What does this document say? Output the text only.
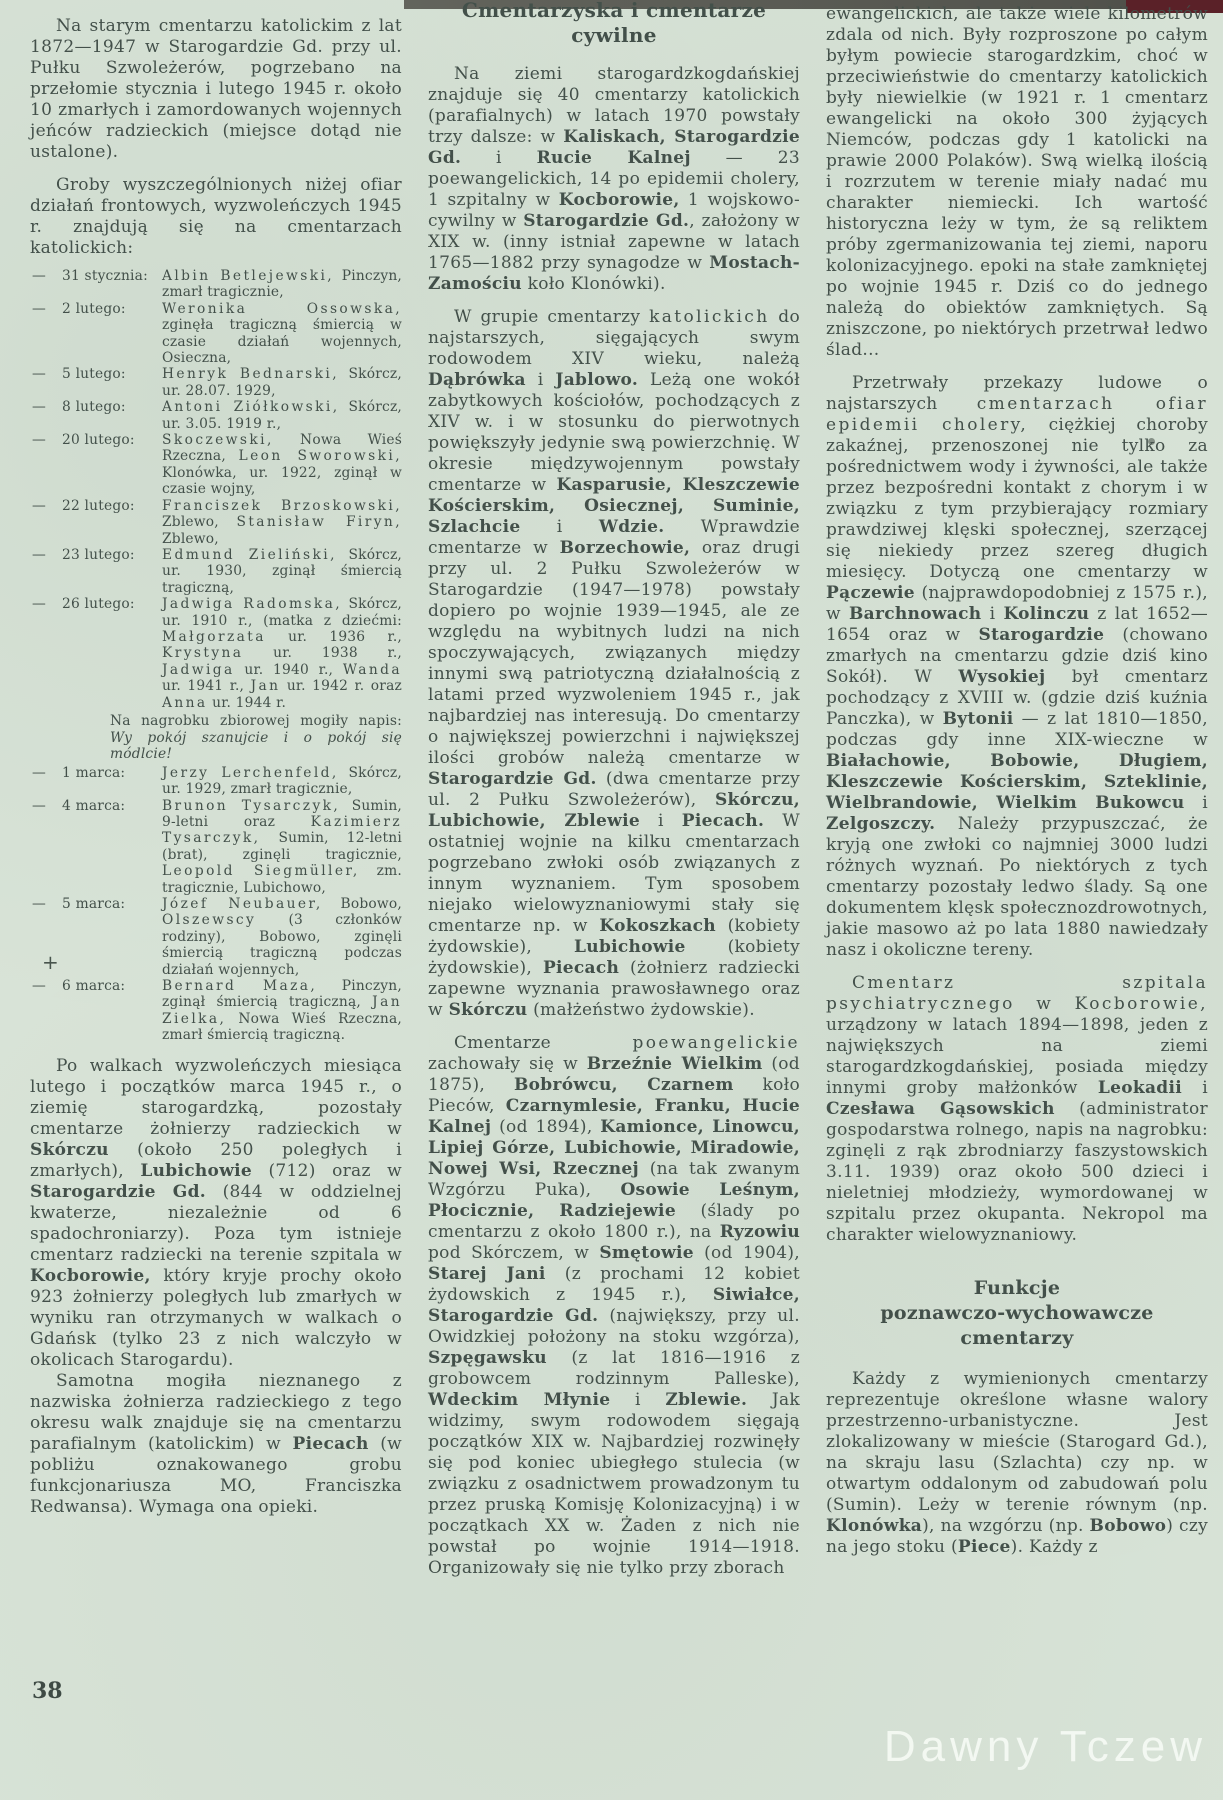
+

Na starym cmentarzu katolickim z lat 1872—1947 w Starogardzie Gd. przy ul. Pułku Szwoleżerów, pogrzebano na przełomie stycznia i lutego 1945 r. około 10 zmarłych i zamordowanych wojennych jeńców radzieckich (miejsce dotąd nie ustalone).

Groby wyszczególnionych niżej ofiar działań frontowych, wyzwoleńczych 1945 r. znajdują się na cmentarzach katolickich:

—	31 stycznia:	Albin Betlejewski, Pinczyn, zmarł tragicznie,
—	2 lutego:	Weronika Ossowska, zginęła tragiczną śmiercią w czasie działań wojennych, Osieczna,
—	5 lutego:	Henryk Bednarski, Skórcz, ur. 28.07. 1929,
—	8 lutego:	Antoni Ziółkowski, Skórcz, ur. 3.05. 1919 r.,
—	20 lutego:	Skoczewski, Nowa Wieś Rzeczna, Leon Sworowski, Klonówka, ur. 1922, zginął w czasie wojny,
—	22 lutego:	Franciszek Brzoskowski, Zblewo, Stanisław Firyn, Zblewo,
—	23 lutego:	Edmund Zieliński, Skórcz, ur. 1930, zginął śmiercią tragiczną,
—	26 lutego:	Jadwiga Radomska, Skórcz, ur. 1910 r., (matka z dziećmi: Małgorzata ur. 1936 r., Krystyna ur. 1938 r., Jadwiga ur. 1940 r., Wanda ur. 1941 r., Jan ur. 1942 r. oraz Anna ur. 1944 r.
Na nagrobku zbiorowej mogiły napis: Wy pokój szanujcie i o pokój się módlcie!
—	1 marca:	Jerzy Lerchenfeld, Skórcz, ur. 1929, zmarł tragicznie,
—	4 marca:	Brunon Tysarczyk, Sumin, 9-letni oraz Kazimierz Tysarczyk, Sumin, 12-letni (brat), zginęli tragicznie, Leopold Siegmüller, zm. tragicznie, Lubichowo,
—	5 marca:	Józef Neubauer, Bobowo, Olszewscy (3 członków rodziny), Bobowo, zginęli śmiercią tragiczną podczas działań wojennych,
—	6 marca:	Bernard Maza, Pinczyn, zginął śmiercią tragiczną, Jan Zielka, Nowa Wieś Rzeczna, zmarł śmiercią tragiczną.

Po walkach wyzwoleńczych miesiąca lutego i początków marca 1945 r., o ziemię starogardzką, pozostały cmentarze żołnierzy radzieckich w Skórczu (około 250 poległych i zmarłych), Lubichowie (712) oraz w Starogardzie Gd. (844 w oddzielnej kwaterze, niezależnie od 6 spadochroniarzy). Poza tym istnieje cmentarz radziecki na terenie szpitala w Kocborowie, który kryje prochy około 923 żołnierzy poległych lub zmarłych w wyniku ran otrzymanych w walkach o Gdańsk (tylko 23 z nich walczyło w okolicach Starogardu).

Samotna mogiła nieznanego z nazwiska żołnierza radzieckiego z tego okresu walk znajduje się na cmentarzu parafialnym (katolickim) w Piecach (w pobliżu oznakowanego grobu funkcjonariusza MO, Franciszka Redwansa). Wymaga ona opieki.

Cmentarzyska i cmentarze
cywilne

Na ziemi starogardzkogdańskiej znajduje się 40 cmentarzy katolickich (parafialnych) w latach 1970 powstały trzy dalsze: w Kaliskach, Starogardzie Gd. i Rucie Kalnej — 23 poewangelickich, 14 po epidemii cholery, 1 szpitalny w Kocborowie, 1 wojskowo-cywilny w Starogardzie Gd., założony w XIX w. (inny istniał zapewne w latach 1765—1882 przy synagodze w Mostach-Zamościu koło Klonówki).

W grupie cmentarzy katolickich do najstarszych, sięgających swym rodowodem XIV wieku, należą Dąbrówka i Jablowo. Leżą one wokół zabytkowych kościołów, pochodzących z XIV w. i w stosunku do pierwotnych powiększyły jedynie swą powierzchnię. W okresie międzywojennym powstały cmentarze w Kasparusie, Kleszczewie Kościerskim, Osiecznej, Suminie, Szlachcie i Wdzie. Wprawdzie cmentarze w Borzechowie, oraz drugi przy ul. 2 Pułku Szwoleżerów w Starogardzie (1947—1978) powstały dopiero po wojnie 1939—1945, ale ze względu na wybitnych ludzi na nich spoczywających, związanych między innymi swą patriotyczną działalnością z latami przed wyzwoleniem 1945 r., jak najbardziej nas interesują. Do cmentarzy o największej powierzchni i największej ilości grobów należą cmentarze w Starogardzie Gd. (dwa cmentarze przy ul. 2 Pułku Szwoleżerów), Skórczu, Lubichowie, Zblewie i Piecach. W ostatniej wojnie na kilku cmentarzach pogrzebano zwłoki osób związanych z innym wyznaniem. Tym sposobem niejako wielowyznaniowymi stały się cmentarze np. w Kokoszkach (kobiety żydowskie), Lubichowie (kobiety żydowskie), Piecach (żołnierz radziecki zapewne wyznania prawosławnego oraz w Skórczu (małżeństwo żydowskie).

Cmentarze poewangelickie zachowały się w Brzeźnie Wielkim (od 1875), Bobrówcu, Czarnem koło Pieców, Czarnymlesie, Franku, Hucie Kalnej (od 1894), Kamionce, Linowcu, Lipiej Górze, Lubichowie, Miradowie, Nowej Wsi, Rzecznej (na tak zwanym Wzgórzu Puka), Osowie Leśnym, Płocicznie, Radziejewie (ślady po cmentarzu z około 1800 r.), na Ryzowiu pod Skórczem, w Smętowie (od 1904), Starej Jani (z prochami 12 kobiet żydowskich z 1945 r.), Siwiałce, Starogardzie Gd. (największy, przy ul. Owidzkiej położony na stoku wzgórza), Szpęgawsku (z lat 1816—1916 z grobowcem rodzinnym Palleske), Wdeckim Młynie i Zblewie. Jak widzimy, swym rodowodem sięgają początków XIX w. Najbardziej rozwinęły się pod koniec ubiegłego stulecia (w związku z osadnictwem prowadzonym tu przez pruską Komisję Kolonizacyjną) i w początkach XX w. Żaden z nich nie powstał po wojnie 1914—1918. Organizowały się nie tylko przy zborach

ewangelickich, ale także wiele kilometrów zdala od nich. Były rozproszone po całym byłym powiecie starogardzkim, choć w przeciwieństwie do cmentarzy katolickich były niewielkie (w 1921 r. 1 cmentarz ewangelicki na około 300 żyjących Niemców, podczas gdy 1 katolicki na prawie 2000 Polaków). Swą wielką ilością i rozrzutem w terenie miały nadać mu charakter niemiecki. Ich wartość historyczna leży w tym, że są reliktem próby zgermanizowania tej ziemi, naporu kolonizacyjnego. epoki na stałe zamkniętej po wojnie 1945 r. Dziś co do jednego należą do obiektów zamkniętych. Są zniszczone, po niektórych przetrwał ledwo ślad...

Przetrwały przekazy ludowe o najstarszych cmentarzach ofiar epidemii cholery, ciężkiej choroby zakaźnej, przenoszonej nie tylko za pośrednictwem wody i żywności, ale także przez bezpośredni kontakt z chorym i w związku z tym przybierający rozmiary prawdziwej klęski społecznej, szerzącej się niekiedy przez szereg długich miesięcy. Dotyczą one cmentarzy w Pączewie (najprawdopodobniej z 1575 r.), w Barchnowach i Kolinczu z lat 1652—1654 oraz w Starogardzie (chowano zmarłych na cmentarzu gdzie dziś kino Sokół). W Wysokiej był cmentarz pochodzący z XVIII w. (gdzie dziś kuźnia Panczka), w Bytonii — z lat 1810—1850, podczas gdy inne XIX-wieczne w Białachowie, Bobowie, Długiem, Kleszczewie Kościerskim, Szteklinie, Wielbrandowie, Wielkim Bukowcu i Zelgoszczy. Należy przypuszczać, że kryją one zwłoki co najmniej 3000 ludzi różnych wyznań. Po niektórych z tych cmentarzy pozostały ledwo ślady. Są one dokumentem klęsk społecznozdrowotnych, jakie masowo aż po lata 1880 nawiedzały nasz i okoliczne tereny.

Cmentarz szpitala psychiatrycznego w Kocborowie, urządzony w latach 1894—1898, jeden z największych na ziemi starogardzkogdańskiej, posiada między innymi groby małżonków Leokadii i Czesława Gąsowskich (administrator gospodarstwa rolnego, napis na nagrobku: zginęli z rąk zbrodniarzy faszystowskich 3.11. 1939) oraz około 500 dzieci i nieletniej młodzieży, wymordowanej w szpitalu przez okupanta. Nekropol ma charakter wielowyznaniowy.

Funkcje
poznawczo-wychowawcze
cmentarzy

Każdy z wymienionych cmentarzy reprezentuje określone własne walory przestrzenno-urbanistyczne. Jest zlokalizowany w mieście (Starogard Gd.), na skraju lasu (Szlachta) czy np. w otwartym oddalonym od zabudowań polu (Sumin). Leży w terenie równym (np. Klonówka), na wzgórzu (np. Bobowo) czy na jego stoku (Piece). Każdy z

38
Dawny Tczew
